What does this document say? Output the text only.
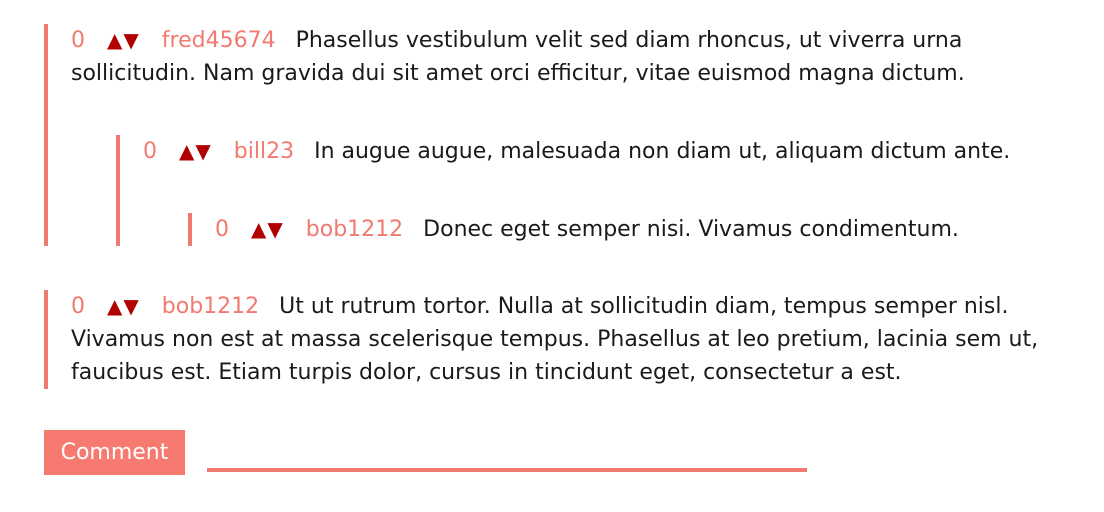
0 ▲▼ fred45674 Phasellus vestibulum velit sed diam rhoncus, ut viverra urna sollicitudin. Nam gravida dui sit amet orci efficitur, vitae euismod magna dictum.
0 ▲▼ bill23 In augue augue, malesuada non diam ut, aliquam dictum ante.
0 ▲▼ bob1212 Donec eget semper nisi. Vivamus condimentum.
0 ▲▼ bob1212 Ut ut rutrum tortor. Nulla at sollicitudin diam, tempus semper nisl. Vivamus non est at massa scelerisque tempus. Phasellus at leo pretium, lacinia sem ut, faucibus est. Etiam turpis dolor, cursus in tincidunt eget, consectetur a est.
Comment
